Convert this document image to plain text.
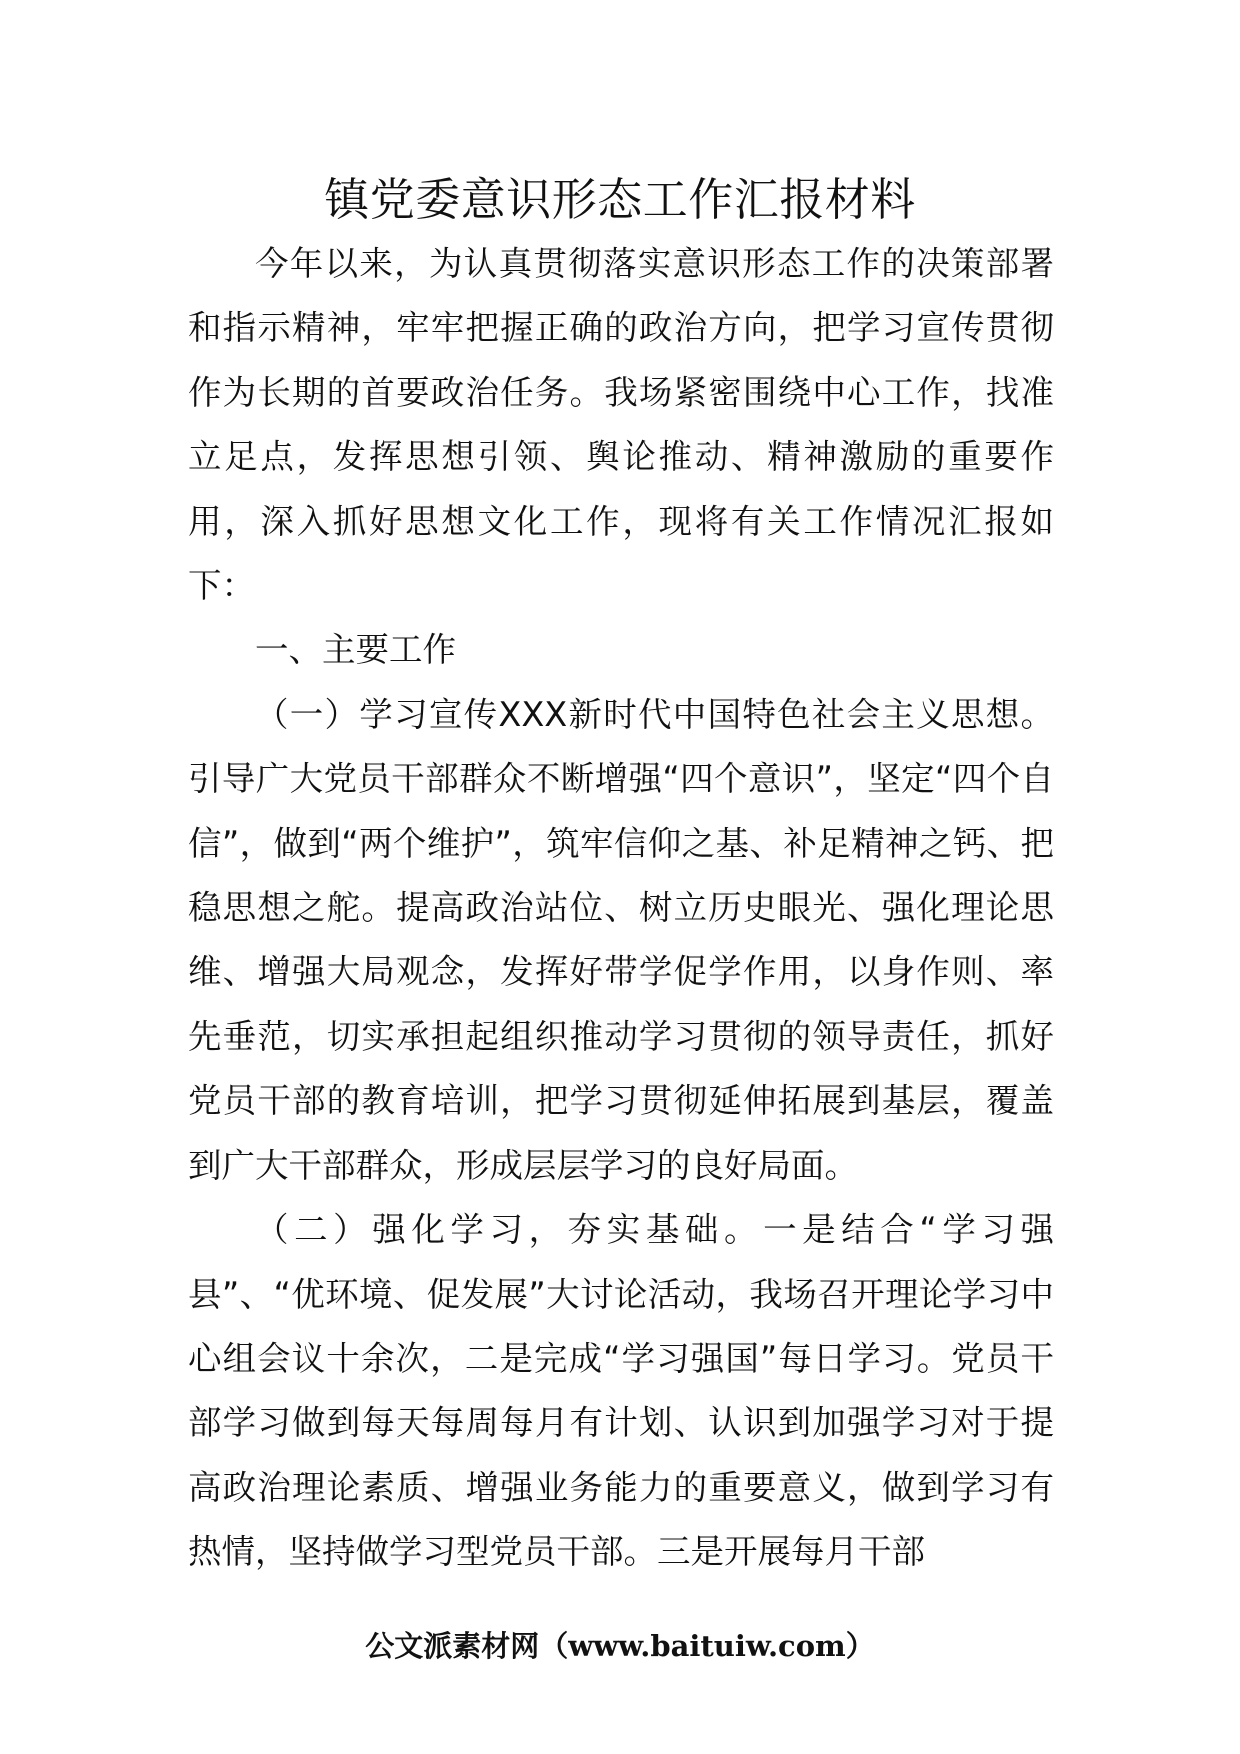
镇党委意识形态工作汇报材料

今年以来，为认真贯彻落实意识形态工作的决策部署和指示精神，牢牢把握正确的政治方向，把学习宣传贯彻作为长期的首要政治任务。我场紧密围绕中心工作，找准立足点，发挥思想引领、舆论推动、精神激励的重要作用，深入抓好思想文化工作，现将有关工作情况汇报如下：

一、主要工作

（一）学习宣传XXX新时代中国特色社会主义思想。引导广大党员干部群众不断增强“四个意识”，坚定“四个自信”，做到“两个维护”，筑牢信仰之基、补足精神之钙、把稳思想之舵。提高政治站位、树立历史眼光、强化理论思维、增强大局观念，发挥好带学促学作用，以身作则、率先垂范，切实承担起组织推动学习贯彻的领导责任，抓好党员干部的教育培训，把学习贯彻延伸拓展到基层，覆盖到广大干部群众，形成层层学习的良好局面。

（二）强化学习，夯实基础。一是结合“学习强县”、“优环境、促发展”大讨论活动，我场召开理论学习中心组会议十余次，二是完成“学习强国”每日学习。党员干部学习做到每天每周每月有计划、认识到加强学习对于提高政治理论素质、增强业务能力的重要意义，做到学习有热情，坚持做学习型党员干部。三是开展每月干部

公文派素材网（www.baituiw.com）
